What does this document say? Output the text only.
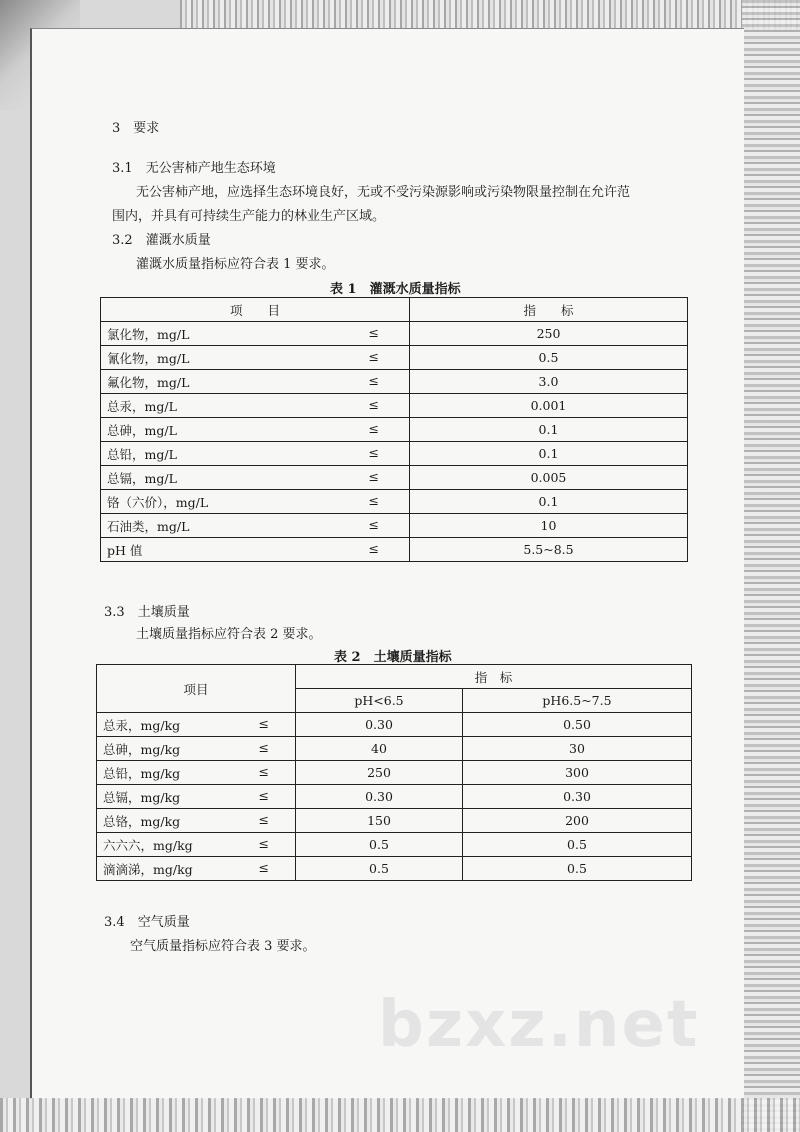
3　 要求
3.1　 无公害柿产地生态环境
无公害柿产地，应选择生态环境良好，无或不受污染源影响或污染物限量控制在允许范
围内，并具有可持续生产能力的林业生产区域。
3.2　 灌溉水质量
灌溉水质量指标应符合表 1 要求。
表 1　灌溉水质量指标
项　　目	指　　标
氯化物，mg/L ≤	250
氰化物，mg/L ≤	0.5
氟化物，mg/L ≤	3.0
总汞，mg/L ≤	0.001
总砷，mg/L ≤	0.1
总铅，mg/L ≤	0.1
总镉，mg/L ≤	0.005
铬（六价），mg/L ≤	0.1
石油类，mg/L ≤	10
pH 值 ≤	5.5~8.5
3.3　 土壤质量
土壤质量指标应符合表 2 要求。
表 2　土壤质量指标
项目	指　标	
	pH<6.5	pH6.5~7.5
总汞，mg/kg ≤	0.30	0.50
总砷，mg/kg ≤	40	30
总铅，mg/kg ≤	250	300
总镉，mg/kg ≤	0.30	0.30
总铬，mg/kg ≤	150	200
六六六，mg/kg ≤	0.5	0.5
滴滴涕，mg/kg ≤	0.5	0.5
3.4　 空气质量
空气质量指标应符合表 3 要求。
bzxz.net
